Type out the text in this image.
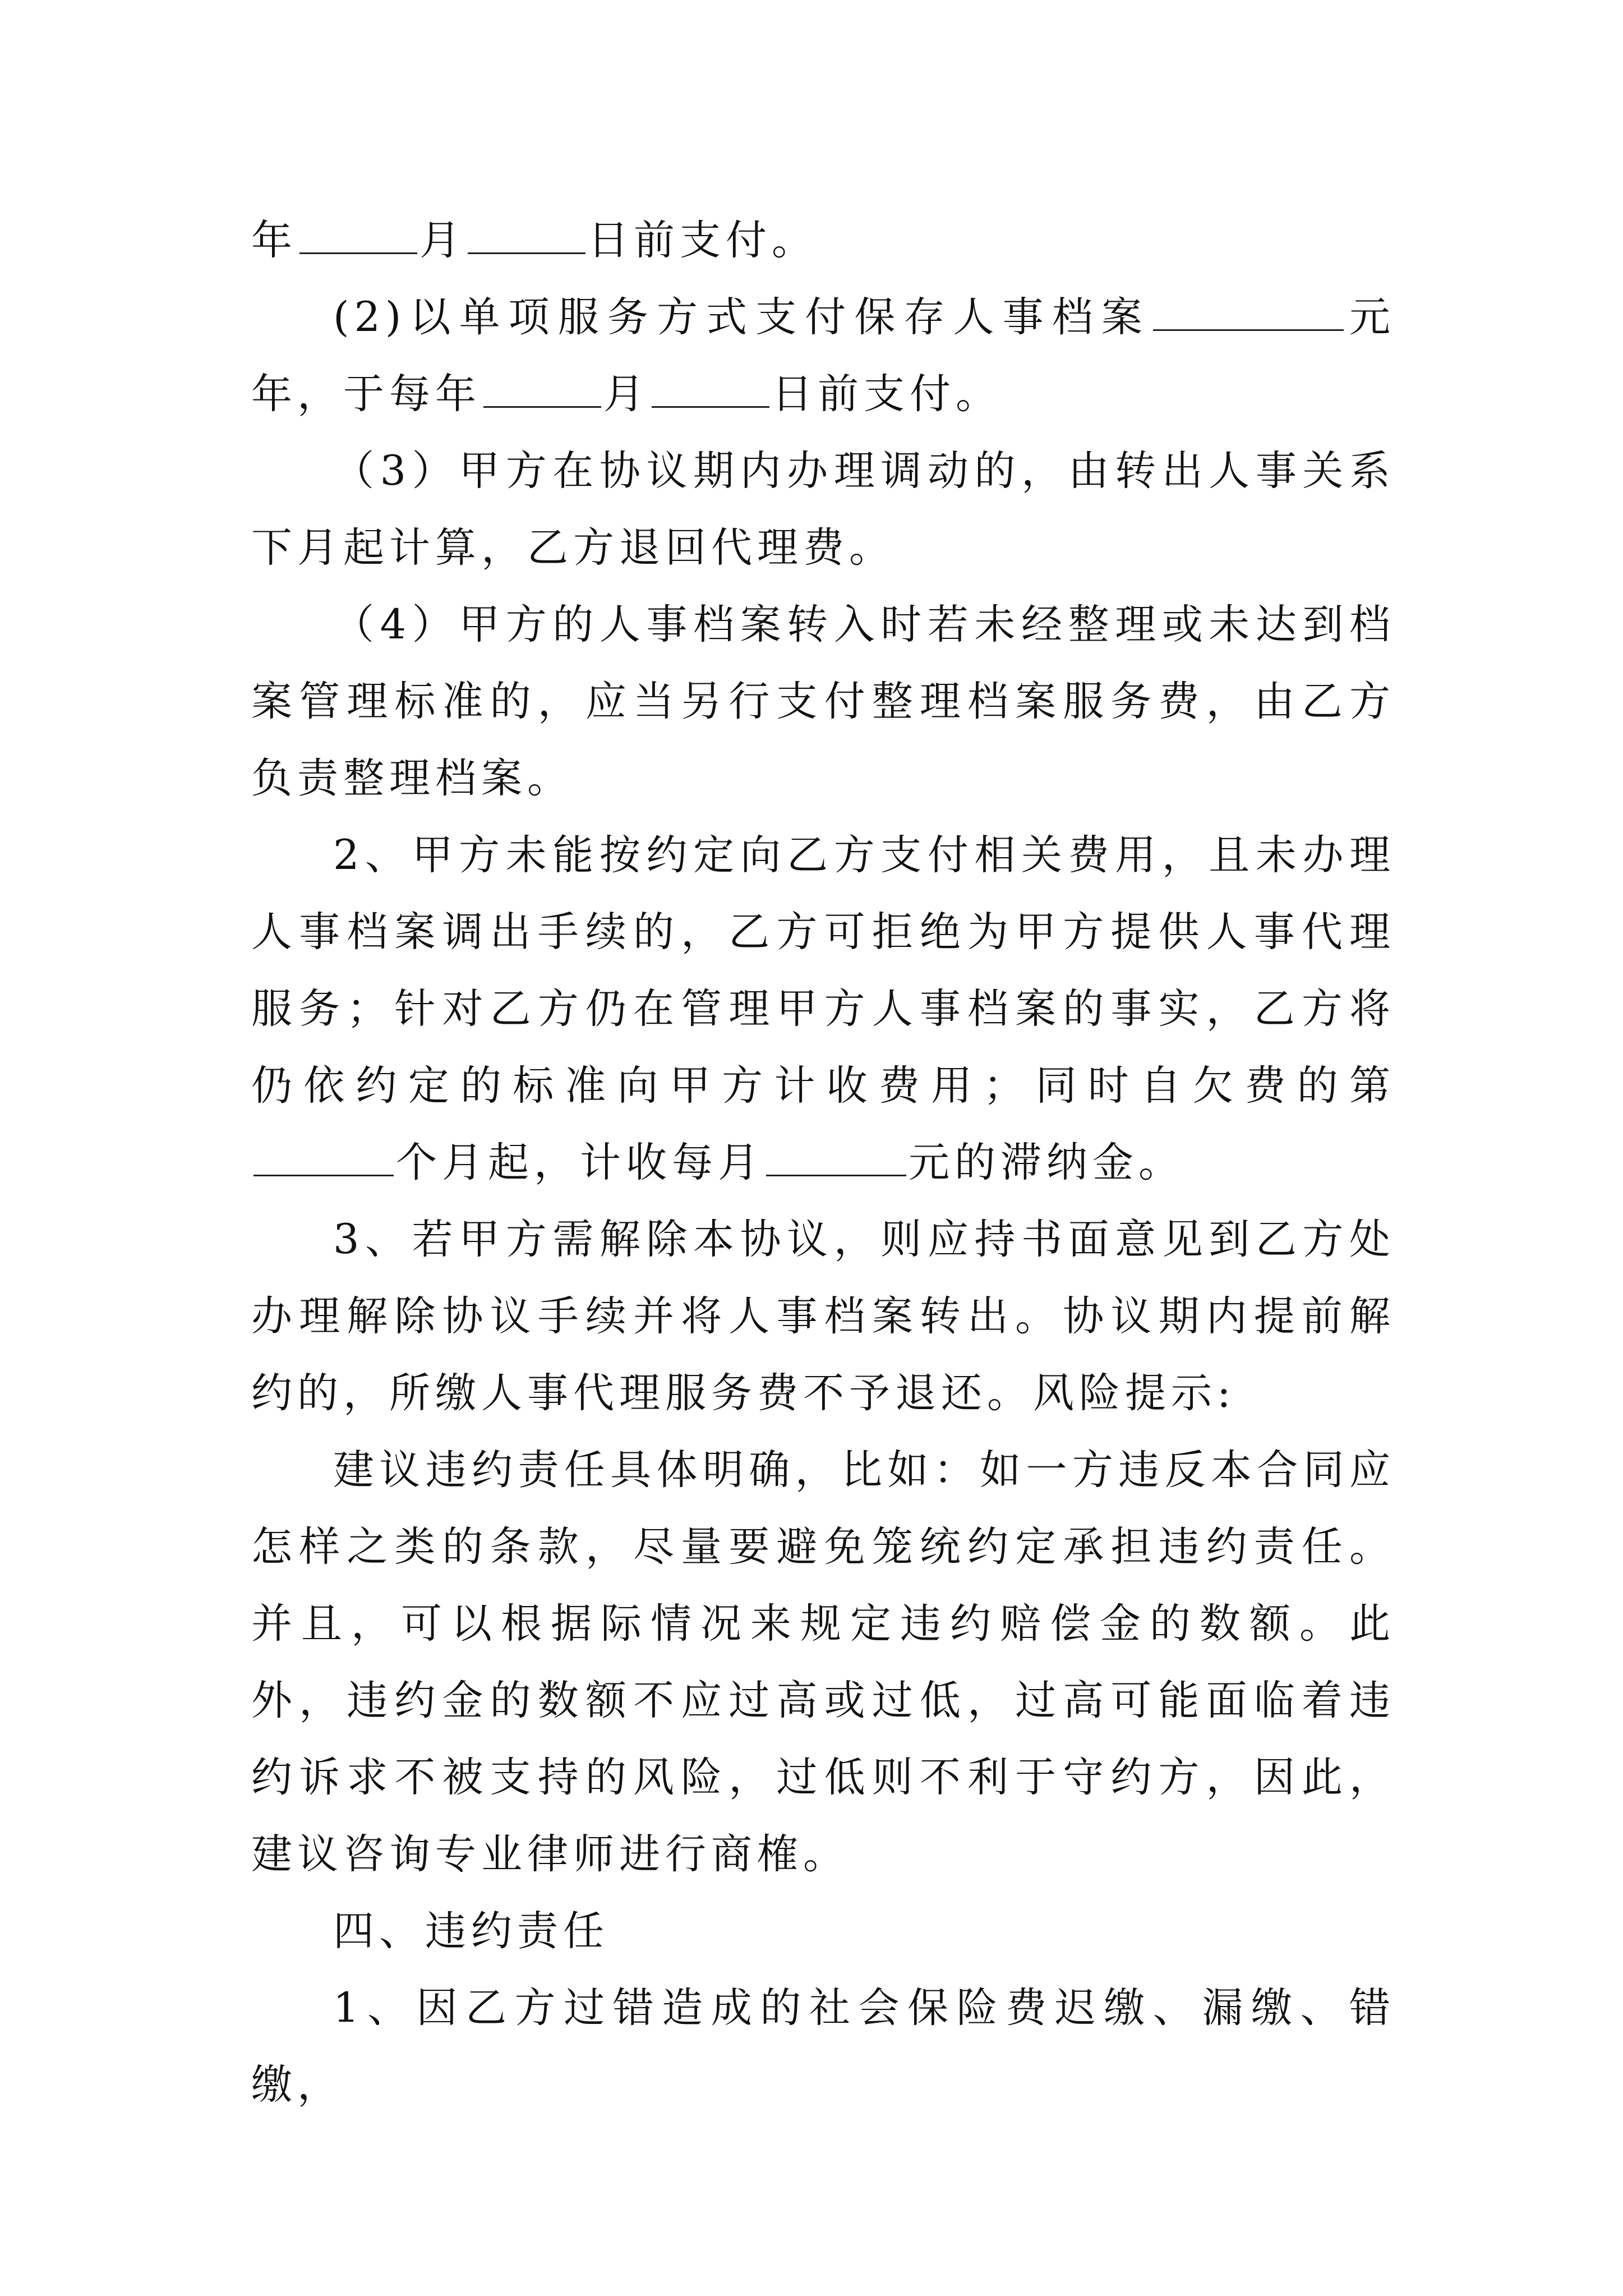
年	月	日前支付。

(2)以单项服务方式支付保存人事档案	元年，于每年	月	日前支付。

（3）甲方在协议期内办理调动的，由转出人事关系下月起计算，乙方退回代理费。

（4）甲方的人事档案转入时若未经整理或未达到档案管理标准的，应当另行支付整理档案服务费，由乙方负责整理档案。

2、甲方未能按约定向乙方支付相关费用，且未办理人事档案调出手续的，乙方可拒绝为甲方提供人事代理服务；针对乙方仍在管理甲方人事档案的事实，乙方将仍依约定的标准向甲方计收费用；同时自欠费的第个月起，计收每月	元的滞纳金。

3、若甲方需解除本协议，则应持书面意见到乙方处办理解除协议手续并将人事档案转出。协议期内提前解约的，所缴人事代理服务费不予退还。风险提示:

建议违约责任具体明确，比如：如一方违反本合同应怎样之类的条款，尽量要避免笼统约定承担违约责任。并且，可以根据际情况来规定违约赔偿金的数额。此外，违约金的数额不应过高或过低，过高可能面临着违约诉求不被支持的风险，过低则不利于守约方，因此，建议咨询专业律师进行商榷。

四、违约责任

1、因乙方过错造成的社会保险费迟缴、漏缴、错缴，
